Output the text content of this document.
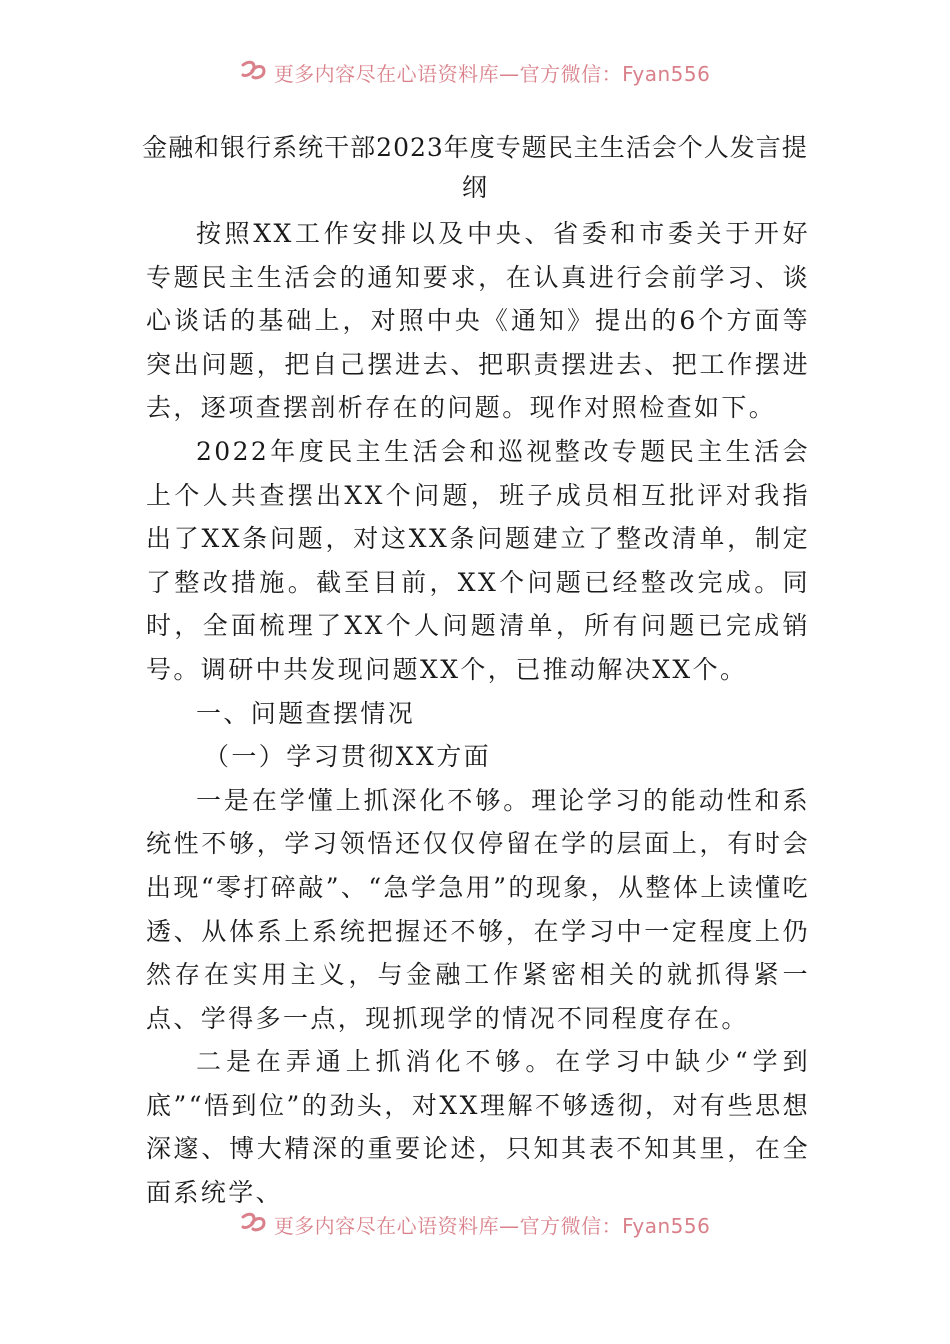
更多内容尽在心语资料库—官方微信：Fyan556
金融和银行系统干部2023年度专题民主生活会个人发言提纲

按照XX工作安排以及中央、省委和市委关于开好专题民主生活会的通知要求，在认真进行会前学习、谈心谈话的基础上，对照中央《通知》提出的6个方面等突出问题，把自己摆进去、把职责摆进去、把工作摆进去，逐项查摆剖析存在的问题。现作对照检查如下。

2022年度民主生活会和巡视整改专题民主生活会上个人共查摆出XX个问题，班子成员相互批评对我指出了XX条问题，对这XX条问题建立了整改清单，制定了整改措施。截至目前，XX个问题已经整改完成。同时，全面梳理了XX个人问题清单，所有问题已完成销号。调研中共发现问题XX个，已推动解决XX个。

一、问题查摆情况

（一）学习贯彻XX方面

一是在学懂上抓深化不够。理论学习的能动性和系统性不够，学习领悟还仅仅停留在学的层面上，有时会出现“零打碎敲”、“急学急用”的现象，从整体上读懂吃透、从体系上系统把握还不够，在学习中一定程度上仍然存在实用主义，与金融工作紧密相关的就抓得紧一点、学得多一点，现抓现学的情况不同程度存在。

二是在弄通上抓消化不够。在学习中缺少“学到底”“悟到位”的劲头，对XX理解不够透彻，对有些思想深邃、博大精深的重要论述，只知其表不知其里，在全面系统学、

更多内容尽在心语资料库—官方微信：Fyan556
